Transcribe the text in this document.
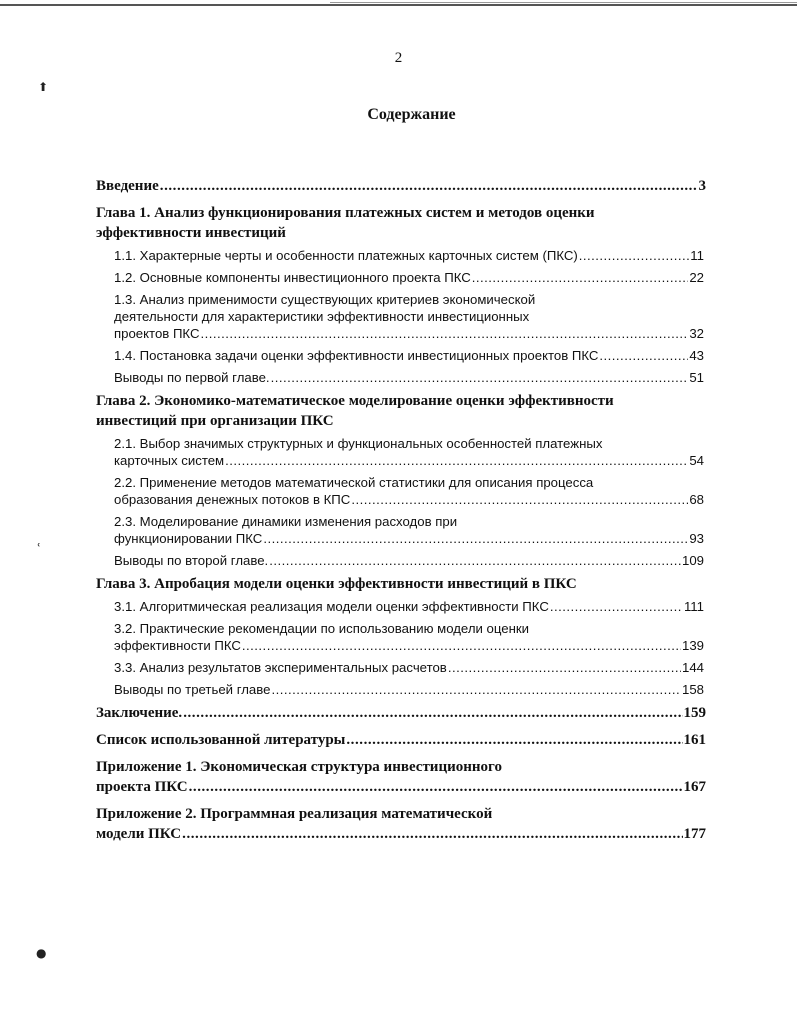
⬆
ʿ
●
2
Содержание
Введение . . .	3
Глава 1. Анализ функционирования платежных систем и методов оценки
эффективности инвестиций
1.1. Характерные черты и особенности платежных карточных систем (ПКС) . . .	11
1.2. Основные компоненты инвестиционного проекта ПКС . . .	22
1.3. Анализ применимости существующих критериев экономической
деятельности для характеристики эффективности инвестиционных
проектов ПКС . . .	32
1.4. Постановка задачи оценки эффективности инвестиционных проектов ПКС . . .	43
Выводы по первой главе. . . .	51
Глава 2. Экономико-математическое моделирование оценки эффективности
инвестиций при организации ПКС
2.1. Выбор значимых структурных и функциональных особенностей платежных
карточных систем . . .	54
2.2. Применение методов математической статистики для описания процесса
образования денежных потоков в КПС . . .	68
2.3. Моделирование динамики изменения расходов при
функционировании ПКС . . .	93
Выводы по второй главе. . . .	109
Глава 3. Апробация модели оценки эффективности инвестиций в ПКС
3.1. Алгоритмическая реализация модели оценки эффективности ПКС . . .	111
3.2. Практические рекомендации по использованию модели оценки
эффективности ПКС . . .	139
3.3. Анализ результатов экспериментальных расчетов . . .	144
Выводы по третьей главе . . .	158
Заключение. . . .	159
Список использованной литературы . . .	161
Приложение 1. Экономическая структура инвестиционного
проекта ПКС . . .	167
Приложение 2. Программная реализация математической
модели ПКС . . .	177
